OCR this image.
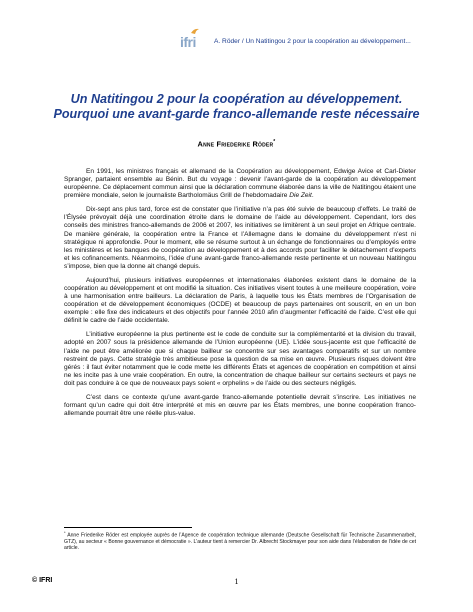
ifri	A. Röder / Un Natitingou 2 pour la coopération au développement...
Un Natitingou 2 pour la coopération au développement.
Pourquoi une avant-garde franco-allemande reste nécessaire
Anne Friederike Röder*

En 1991, les ministres français et allemand de la Coopération au développement, Edwige Avice et Carl-Dieter Spranger, partaient ensemble au Bénin. But du voyage : devenir l’avant-garde de la coopération au développement européenne. Ce déplacement commun ainsi que la déclaration commune élaborée dans la ville de Natitingou étaient une première mondiale, selon le journaliste Bartholomäus Grill de l’hebdomadaire Die Zeit.

Dix-sept ans plus tard, force est de constater que l’initiative n’a pas été suivie de beaucoup d’effets. Le traité de l’Élysée prévoyait déjà une coordination étroite dans le domaine de l’aide au développement. Cependant, lors des conseils des ministres franco-allemands de 2006 et 2007, les initiatives se limitèrent à un seul projet en Afrique centrale. De manière générale, la coopération entre la France et l’Allemagne dans le domaine du développement n’est ni stratégique ni approfondie. Pour le moment, elle se résume surtout à un échange de fonctionnaires ou d’employés entre les ministères et les banques de coopération au développement et à des accords pour faciliter le détachement d’experts et les cofinancements. Néanmoins, l’idée d’une avant-garde franco-allemande reste pertinente et un nouveau Natitingou s’impose, bien que la donne ait changé depuis.

Aujourd’hui, plusieurs initiatives européennes et internationales élaborées existent dans le domaine de la coopération au développement et ont modifié la situation. Ces initiatives visent toutes à une meilleure coopération, voire à une harmonisation entre bailleurs. La déclaration de Paris, à laquelle tous les États membres de l’Organisation de coopération et de développement économiques (OCDE) et beaucoup de pays partenaires ont souscrit, en en un bon exemple : elle fixe des indicateurs et des objectifs pour l’année 2010 afin d’augmenter l’efficacité de l’aide. C’est elle qui définit le cadre de l’aide occidentale.

L’initiative européenne la plus pertinente est le code de conduite sur la complémentarité et la division du travail, adopté en 2007 sous la présidence allemande de l’Union européenne (UE). L’idée sous-jacente est que l’efficacité de l’aide ne peut être améliorée que si chaque bailleur se concentre sur ses avantages comparatifs et sur un nombre restreint de pays. Cette stratégie très ambitieuse pose la question de sa mise en œuvre. Plusieurs risques doivent être gérés : il faut éviter notamment que le code mette les différents États et agences de coopération en compétition et ainsi ne les incite pas à une vraie coopération. En outre, la concentration de chaque bailleur sur certains secteurs et pays ne doit pas conduire à ce que de nouveaux pays soient « orphelins » de l’aide ou des secteurs négligés.

C’est dans ce contexte qu’une avant-garde franco-allemande potentielle devrait s’inscrire. Les initiatives ne formant qu’un cadre qui doit être interprété et mis en œuvre par les États membres, une bonne coopération franco-allemande pourrait être une réelle plus-value.

* Anne Friederike Röder est employée auprès de l’Agence de coopération technique allemande (Deutsche Gesellschaft für Technische Zusammenarbeit, GTZ), au secteur « Bonne gouvernance et démocratie ». L’auteur tient à remercier Dr. Albrecht Stockmayer pour son aide dans l’élaboration de l’idée de cet article.
© IFRI	1
